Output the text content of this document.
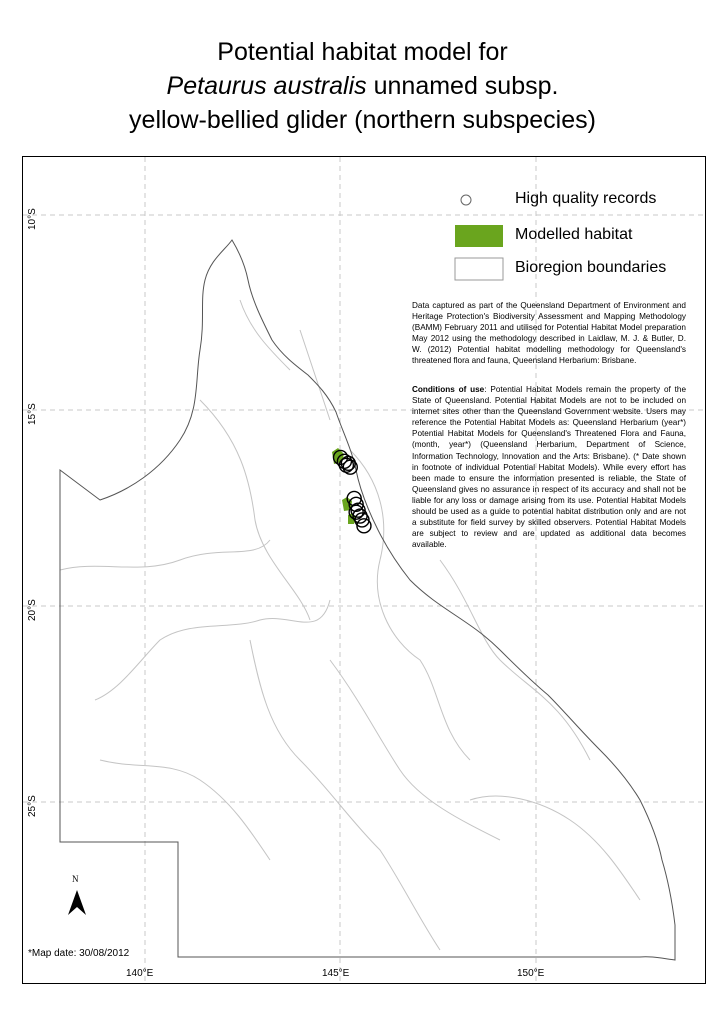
Potential habitat model for
Petaurus australis unnamed subsp.
yellow-bellied glider (northern subspecies)
N
High quality records
Modelled habitat
Bioregion boundaries
Data captured as part of the Queensland Department of Environment and Heritage Protection's Biodiversity Assessment and Mapping Methodology (BAMM) February 2011 and utilised for Potential Habitat Model preparation May 2012 using the methodology described in Laidlaw, M. J. & Butler, D. W. (2012) Potential habitat modelling methodology for Queensland's threatened flora and fauna, Queensland Herbarium: Brisbane.
Conditions of use: Potential Habitat Models remain the property of the State of Queensland. Potential Habitat Models are not to be included on internet sites other than the Queensland Government website. Users may reference the Potential Habitat Models as: Queensland Herbarium (year*) Potential Habitat Models for Queensland's Threatened Flora and Fauna, (month, year*) (Queensland Herbarium, Department of Science, Information Technology, Innovation and the Arts: Brisbane). (* Date shown in footnote of individual Potential Habitat Models). While every effort has been made to ensure the information presented is reliable, the State of Queensland gives no assurance in respect of its accuracy and shall not be liable for any loss or damage arising from its use. Potential Habitat Models should be used as a guide to potential habitat distribution only and are not a substitute for field survey by skilled observers. Potential Habitat Models are subject to review and are updated as additional data becomes available.
10°S
15°S
20°S
25°S
140°E	145°E	150°E
*Map date: 30/08/2012
